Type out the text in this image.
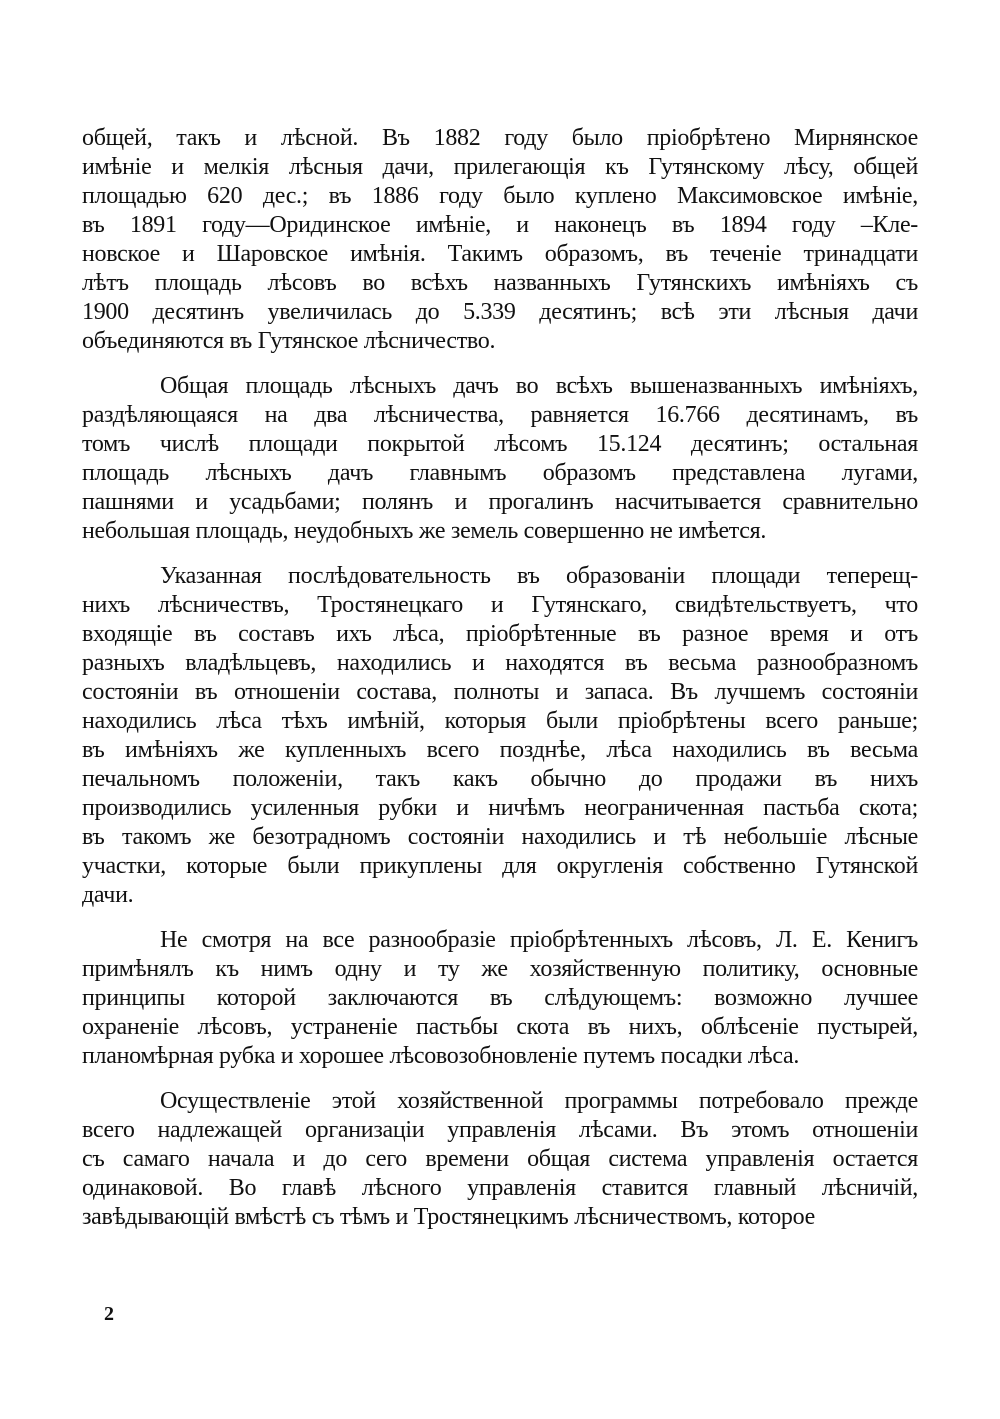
общей, такъ и лѣсной. Въ 1882 году было пріобрѣтено Мирнянское
имѣніе и мелкія лѣсныя дачи, прилегающія къ Гутянскому лѣсу, общей
площадью 620 дес.; въ 1886 году было куплено Максимовское имѣніе,
въ 1891 году—Оридинское имѣніе, и наконецъ въ 1894 году –Кле-
новское и Шаровское имѣнія. Такимъ образомъ, въ теченіе тринадцати
лѣтъ площадь лѣсовъ во всѣхъ названныхъ Гутянскихъ имѣніяхъ съ
1900 десятинъ увеличилась до 5.339 десятинъ; всѣ эти лѣсныя дачи
объединяются въ Гутянское лѣсничество.
Общая площадь лѣсныхъ дачъ во всѣхъ вышеназванныхъ имѣніяхъ,
раздѣляющаяся на два лѣсничества, равняется 16.766 десятинамъ, въ
томъ числѣ площади покрытой лѣсомъ 15.124 десятинъ; остальная
площадь лѣсныхъ дачъ главнымъ образомъ представлена лугами,
пашнями и усадьбами; полянъ и прогалинъ насчитывается сравнительно
небольшая площадь, неудобныхъ же земель совершенно не имѣется.
Указанная послѣдовательность въ образованіи площади теперещ-
нихъ лѣсничествъ, Тростянецкаго и Гутянскаго, свидѣтельствуетъ, что
входящіе въ составъ ихъ лѣса, пріобрѣтенные въ разное время и отъ
разныхъ владѣльцевъ, находились и находятся въ весьма разнообразномъ
состояніи въ отношеніи состава, полноты и запаса. Въ лучшемъ состояніи
находились лѣса тѣхъ имѣній, которыя были пріобрѣтены всего раньше;
въ имѣніяхъ же купленныхъ всего позднѣе, лѣса находились въ весьма
печальномъ положеніи, такъ какъ обычно до продажи въ нихъ
производились усиленныя рубки и ничѣмъ неограниченная пастьба скота;
въ такомъ же безотрадномъ состояніи находились и тѣ небольшіе лѣсные
участки, которые были прикуплены для округленія собственно Гутянской
дачи.
Не смотря на все разнообразіе пріобрѣтенныхъ лѣсовъ, Л. Е. Кенигъ
примѣнялъ къ нимъ одну и ту же хозяйственную политику, основные
принципы которой заключаются въ слѣдующемъ: возможно лучшее
охраненіе лѣсовъ, устраненіе пастьбы скота въ нихъ, облѣсеніе пустырей,
планомѣрная рубка и хорошее лѣсовозобновленіе путемъ посадки лѣса.
Осуществленіе этой хозяйственной программы потребовало прежде
всего надлежащей организаціи управленія лѣсами. Въ этомъ отношеніи
съ самаго начала и до сего времени общая система управленія остается
одинаковой. Во главѣ лѣсного управленія ставится главный лѣсничій,
завѣдывающій вмѣстѣ съ тѣмъ и Тростянецкимъ лѣсничествомъ, которое
2
